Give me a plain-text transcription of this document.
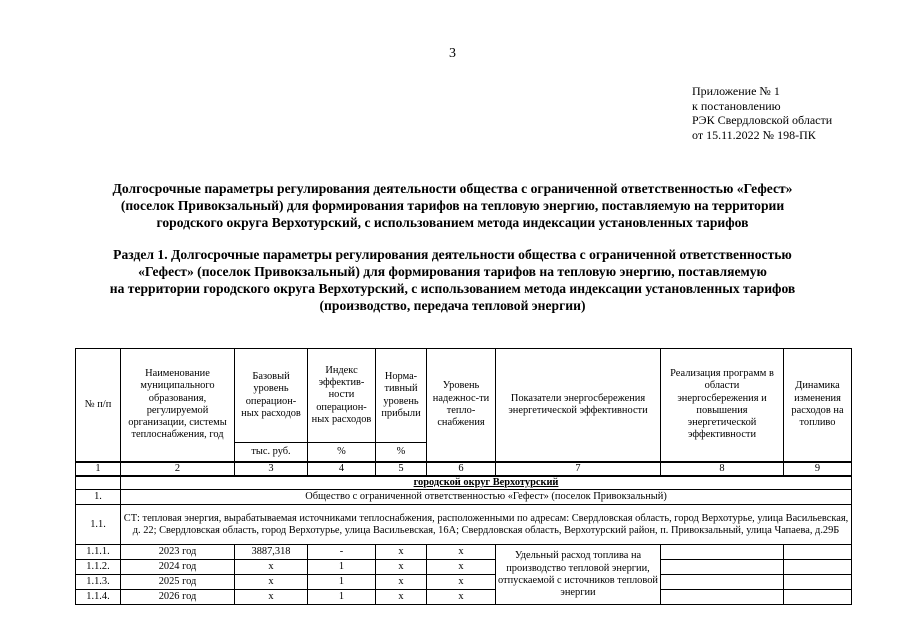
3
Приложение № 1
к постановлению
РЭК Свердловской области
от 15.11.2022 № 198-ПК
Долгосрочные параметры регулирования деятельности общества с ограниченной ответственностью «Гефест»
(поселок Привокзальный) для формирования тарифов на тепловую энергию, поставляемую на территории
городского округа Верхотурский, с использованием метода индексации установленных тарифов
Раздел 1. Долгосрочные параметры регулирования деятельности общества с ограниченной ответственностью
«Гефест» (поселок Привокзальный) для формирования тарифов на тепловую энергию, поставляемую
на территории городского округа Верхотурский, с использованием метода индексации установленных тарифов
(производство, передача тепловой энергии)
№ п/п	Наименование муниципального образования, регулируемой организации, системы теплоснабжения, год	Базовый уровень операцион-ных расходов	Индекс эффектив-ности операцион-ных расходов	Норма-тивный уровень прибыли	Уровень надежнос-ти тепло-снабжения	Показатели энергосбережения энергетической эффективности	Реализация программ в области энергосбережения и повышения энергетической эффективности	Динамика изменения расходов на топливо
		тыс. руб.	%	%				
1	2	3	4	5	6	7	8	9
	городской округ Верхотурский							
1.	Общество с ограниченной ответственностью «Гефест» (поселок Привокзальный)							
1.1.	СТ: тепловая энергия, вырабатываемая источниками теплоснабжения, расположенными по адресам: Свердловская область, город Верхотурье, улица Васильевская, д. 22; Свердловская область, город Верхотурье, улица Васильевская, 16А; Свердловская область, Верхотурский район, п. Привокзальный, улица Чапаева, д.29Б							
1.1.1.	2023 год	3887,318	-	x	x	Удельный расход топлива на производство тепловой энергии, отпускаемой с источников тепловой энергии		
1.1.2.	2024 год	x	1	x	x			
1.1.3.	2025 год	x	1	x	x			
1.1.4.	2026 год	x	1	x	x			
